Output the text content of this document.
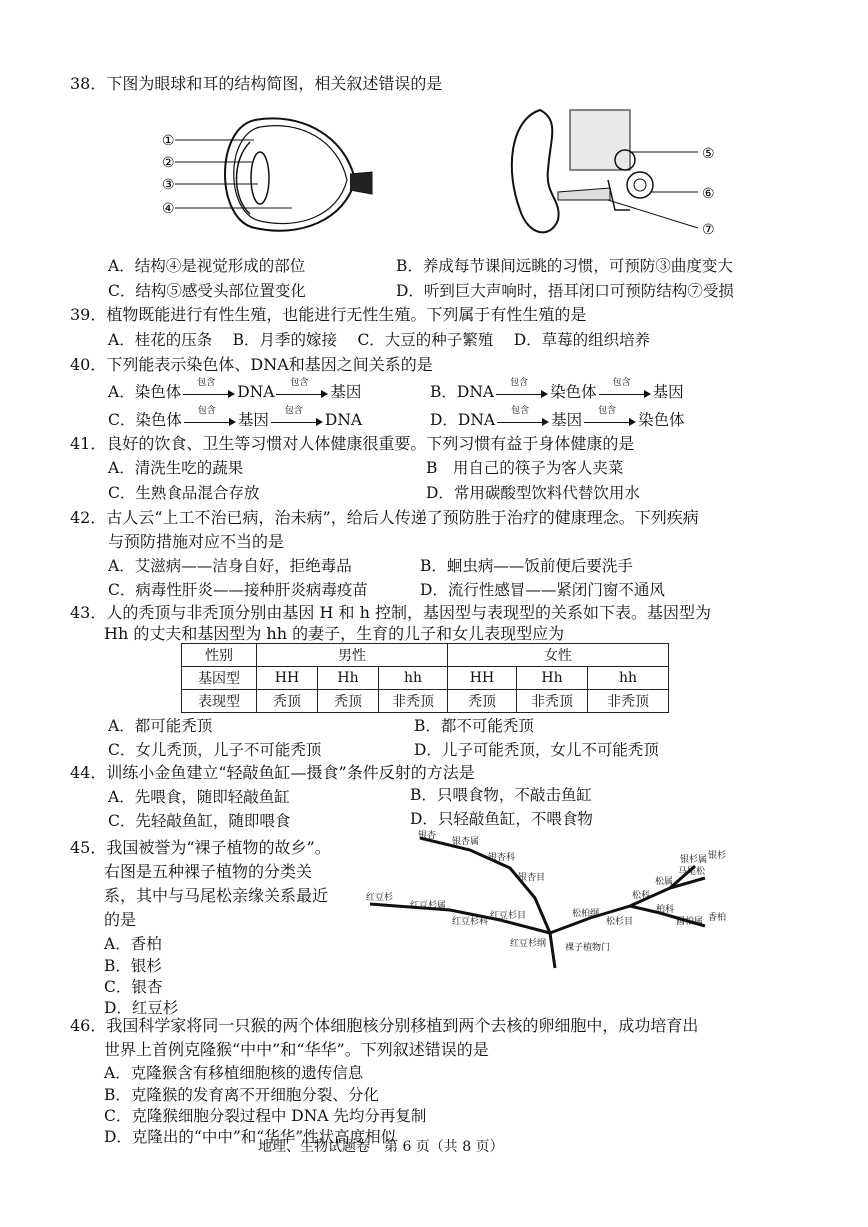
38．下图为眼球和耳的结构简图，相关叙述错误的是
①
②
③
④
⑤
⑥
⑦
A．结构④是视觉形成的部位	B．养成每节课间远眺的习惯，可预防③曲度变大
C．结构⑤感受头部位置变化	D．听到巨大声响时，捂耳闭口可预防结构⑦受损
39．植物既能进行有性生殖，也能进行无性生殖。下列属于有性生殖的是
A．桂花的压条　 B．月季的嫁接　 C．大豆的种子繁殖　 D．草莓的组织培养
40．下列能表示染色体、DNA和基因之间关系的是
A．染色体	包含	DNA	包含	基因	B．DNA	包含	染色体	包含	基因
C．染色体	包含	基因	包含	DNA	D．DNA	包含	基因	包含	染色体
41．良好的饮食、卫生等习惯对人体健康很重要。下列习惯有益于身体健康的是
A．清洗生吃的蔬果	B　用自己的筷子为客人夹菜
C．生熟食品混合存放	D．常用碳酸型饮料代替饮用水
42．古人云“上工不治已病，治未病”，给后人传递了预防胜于治疗的健康理念。下列疾病
与预防措施对应不当的是
A．艾滋病——洁身自好，拒绝毒品	B．蛔虫病——饭前便后要洗手
C．病毒性肝炎——接种肝炎病毒疫苗	D．流行性感冒——紧闭门窗不通风
43．人的秃顶与非秃顶分别由基因 H 和 h 控制，基因型与表现型的关系如下表。基因型为
Hh 的丈夫和基因型为 hh 的妻子，生育的儿子和女儿表现型应为
性别	男性			女性		
基因型	HH	Hh	hh	HH	Hh	hh
表现型	秃顶	秃顶	非秃顶	秃顶	非秃顶	非秃顶
A．都可能秃顶	B．都不可能秃顶
C．女儿秃顶，儿子不可能秃顶	D．儿子可能秃顶，女儿不可能秃顶
44．训练小金鱼建立“轻敲鱼缸—摄食”条件反射的方法是
A．先喂食，随即轻敲鱼缸	B．只喂食物，不敲击鱼缸
C．先轻敲鱼缸，随即喂食	D．只轻敲鱼缸，不喂食物
45．我国被誉为“裸子植物的故乡”。
右图是五种裸子植物的分类关
系，其中与马尾松亲缘关系最近
的是
A．香柏
B．银杉
C．银杏
D．红豆杉
银杏
银杏属
银杏科
银杏目
红豆杉
红豆杉属
红豆杉科
红豆杉目
红豆杉纲 裸子植物门
松柏纲
松杉目
松科
松属
马尾松
银杉属 银杉
柏科
圆柏属 香柏
46．我国科学家将同一只猴的两个体细胞核分别移植到两个去核的卵细胞中，成功培育出
世界上首例克隆猴“中中”和“华华”。下列叙述错误的是
A．克隆猴含有移植细胞核的遗传信息
B．克隆猴的发育离不开细胞分裂、分化
C．克隆猴细胞分裂过程中 DNA 先均分再复制
D．克隆出的“中中”和“华华”性状高度相似
地理、生物试题卷　第 6 页（共 8 页）
